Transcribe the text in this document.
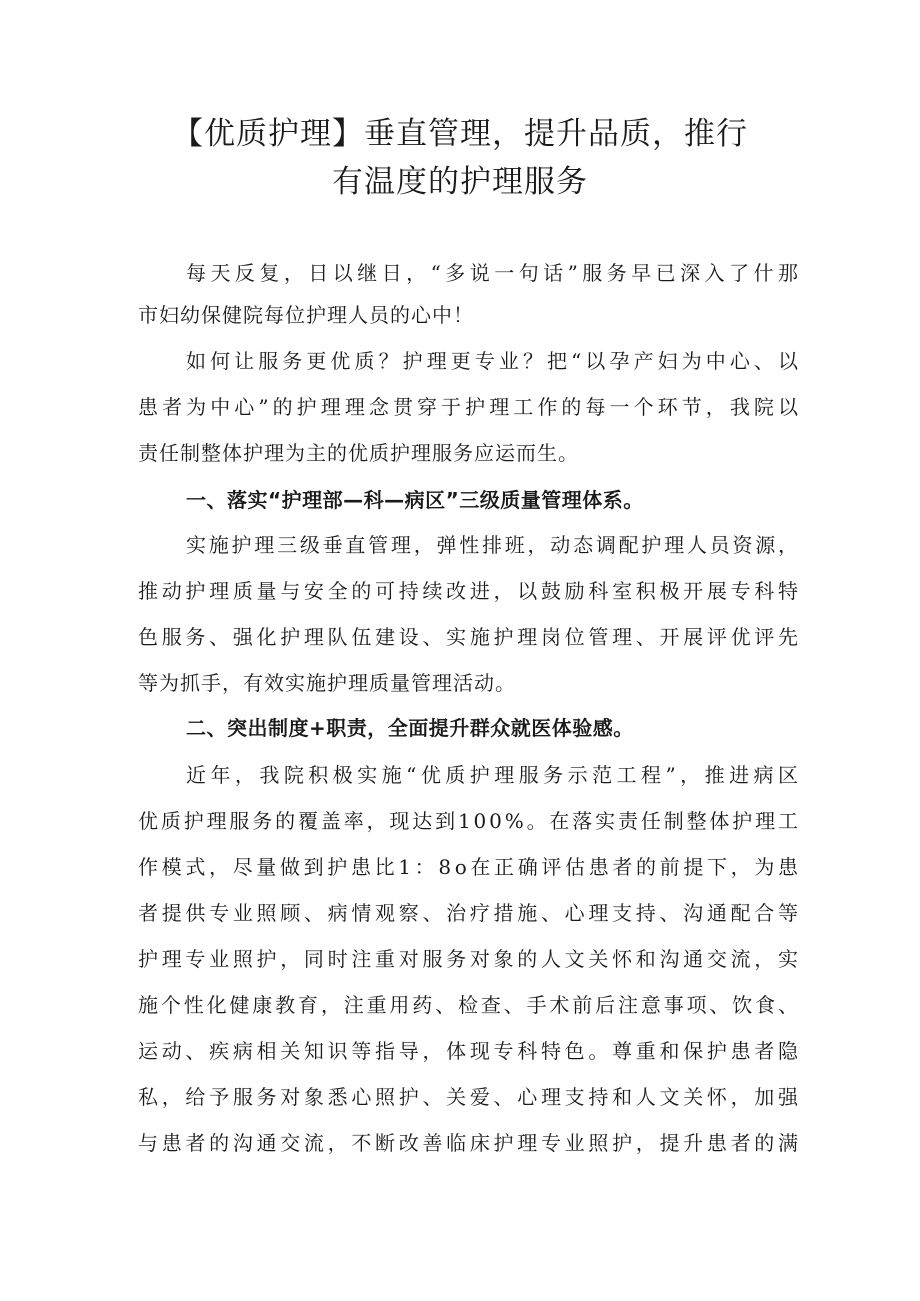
【优质护理】垂直管理，提升品质，推行
有温度的护理服务

每天反复，日以继日，“多说一句话”服务早已深入了什那

市妇幼保健院每位护理人员的心中！

如何让服务更优质？护理更专业？把“以孕产妇为中心、以

患者为中心”的护理理念贯穿于护理工作的每一个环节，我院以

责任制整体护理为主的优质护理服务应运而生。

一、落实“护理部—科—病区”三级质量管理体系。

实施护理三级垂直管理，弹性排班，动态调配护理人员资源，

推动护理质量与安全的可持续改进，以鼓励科室积极开展专科特

色服务、强化护理队伍建设、实施护理岗位管理、开展评优评先

等为抓手，有效实施护理质量管理活动。

二、突出制度+职责，全面提升群众就医体验感。

近年，我院积极实施“优质护理服务示范工程”，推进病区

优质护理服务的覆盖率，现达到100%。在落实责任制整体护理工

作模式，尽量做到护患比1：8o在正确评估患者的前提下，为患

者提供专业照顾、病情观察、治疗措施、心理支持、沟通配合等

护理专业照护，同时注重对服务对象的人文关怀和沟通交流，实

施个性化健康教育，注重用药、检查、手术前后注意事项、饮食、

运动、疾病相关知识等指导，体现专科特色。尊重和保护患者隐

私，给予服务对象悉心照护、关爱、心理支持和人文关怀，加强

与患者的沟通交流，不断改善临床护理专业照护，提升患者的满
